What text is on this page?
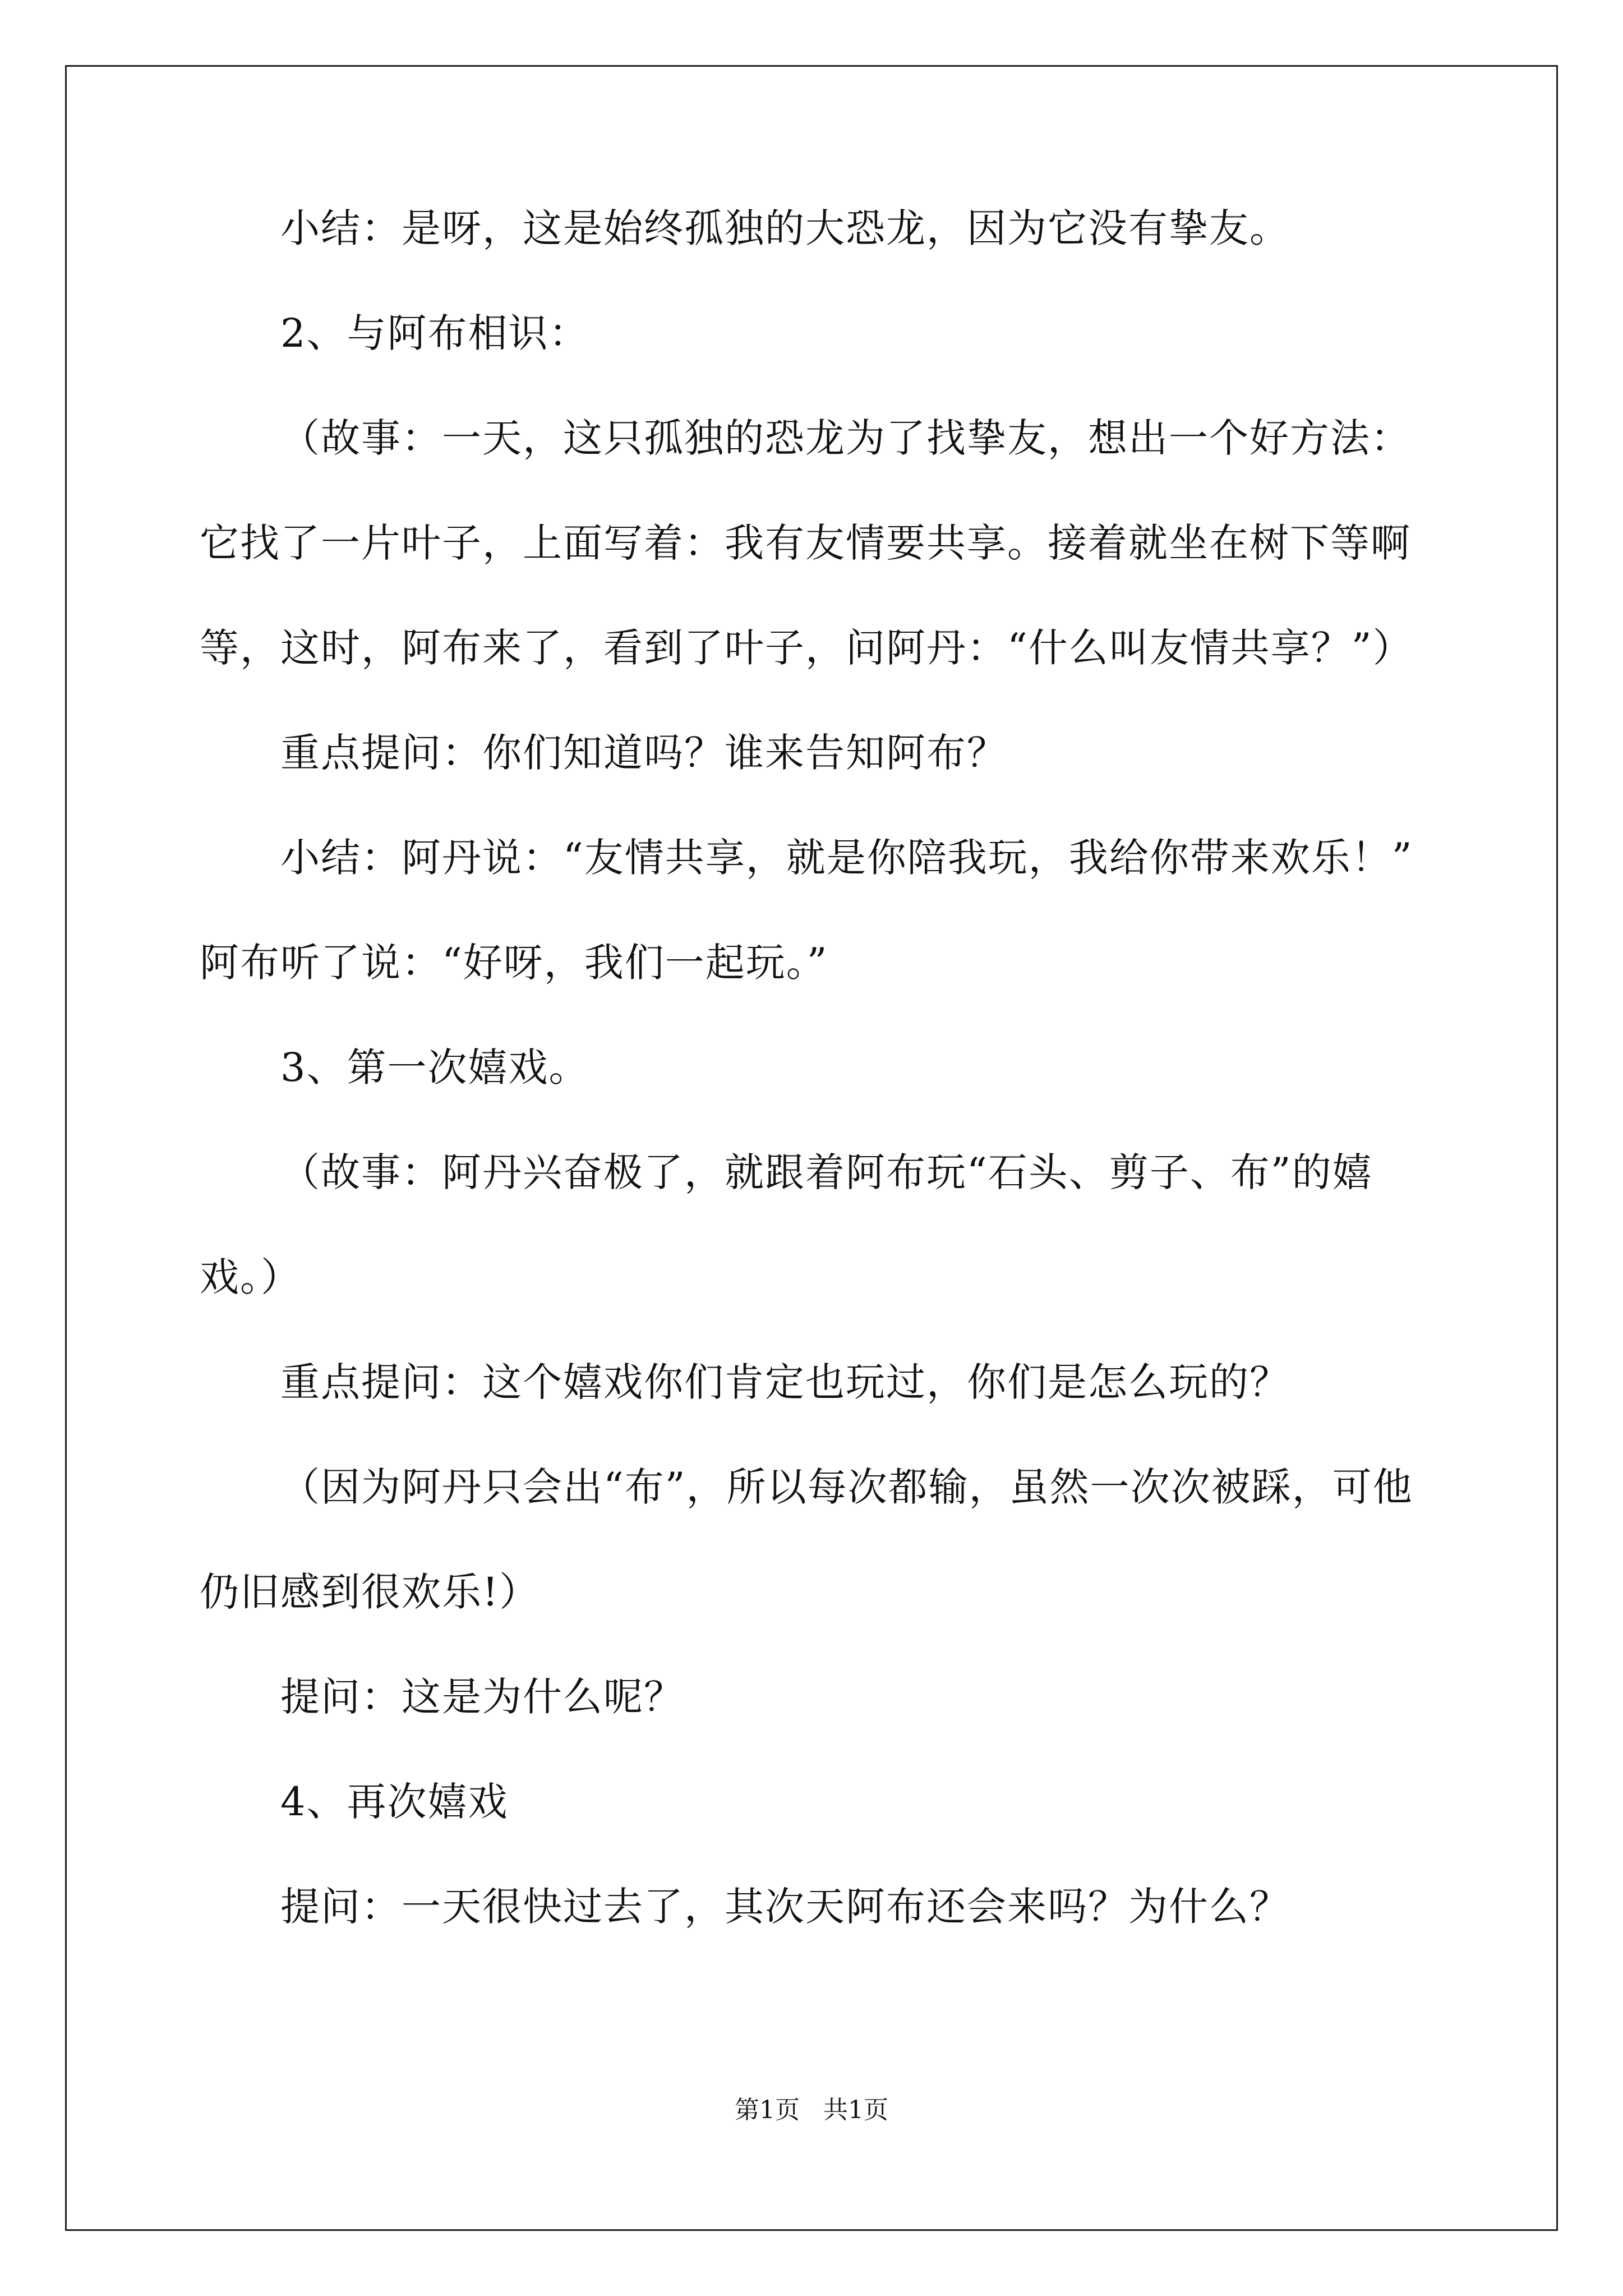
小结：是呀，这是始终孤独的大恐龙，因为它没有挚友。

2、与阿布相识：

（故事：一天，这只孤独的恐龙为了找挚友，想出一个好方法：

它找了一片叶子，上面写着：我有友情要共享。接着就坐在树下等啊

等，这时，阿布来了，看到了叶子，问阿丹：“什么叫友情共享？”）

重点提问：你们知道吗？谁来告知阿布？

小结：阿丹说：“友情共享，就是你陪我玩，我给你带来欢乐！”

阿布听了说：“好呀，我们一起玩。”

3、第一次嬉戏。

（故事：阿丹兴奋极了，就跟着阿布玩“石头、剪子、布”的嬉

戏。）

重点提问：这个嬉戏你们肯定也玩过，你们是怎么玩的？

（因为阿丹只会出“布”，所以每次都输，虽然一次次被踩，可他

仍旧感到很欢乐!）

提问：这是为什么呢？

4、再次嬉戏

提问：一天很快过去了，其次天阿布还会来吗？为什么？

第1页   共1页
